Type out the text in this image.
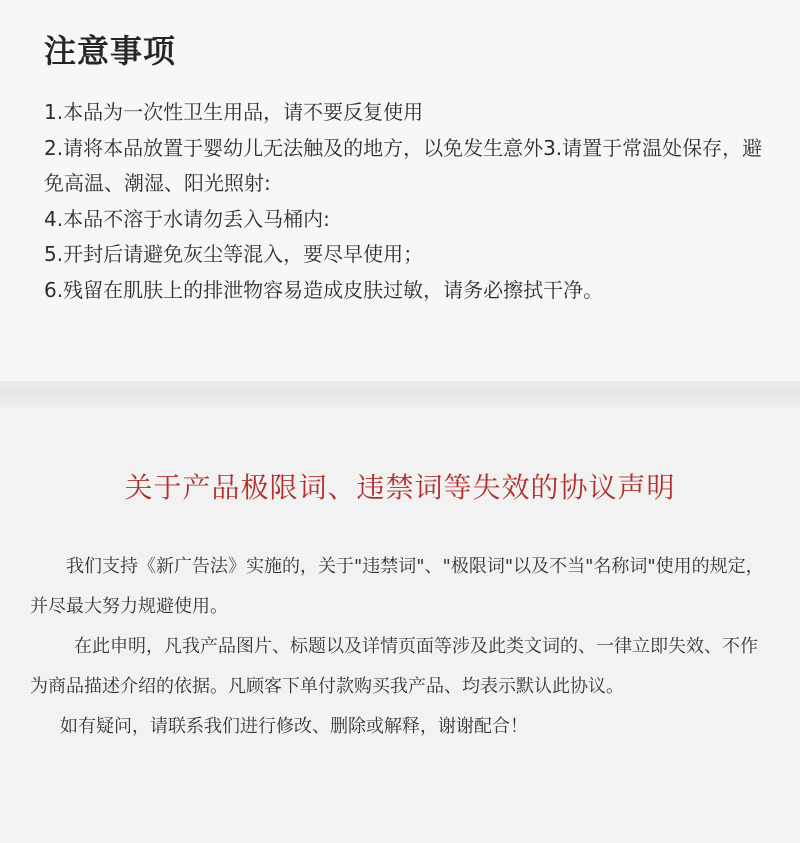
注意事项
1.本品为一次性卫生用品，请不要反复使用
2.请将本品放置于婴幼儿无法触及的地方，以免发生意外3.请置于常温处保存，避免高温、潮湿、阳光照射:
4.本品不溶于水请勿丢入马桶内:
5.开封后请避免灰尘等混入，要尽早使用；
6.残留在肌肤上的排泄物容易造成皮肤过敏，请务必擦拭干净。
关于产品极限词、违禁词等失效的协议声明

我们支持《新广告法》实施的，关于"违禁词"、"极限词"以及不当"名称词"使用的规定，并尽最大努力规避使用。

在此申明，凡我产品图片、标题以及详情页面等涉及此类文词的、一律立即失效、不作为商品描述介绍的依据。凡顾客下单付款购买我产品、均表示默认此协议。

如有疑问，请联系我们进行修改、删除或解释，谢谢配合！
